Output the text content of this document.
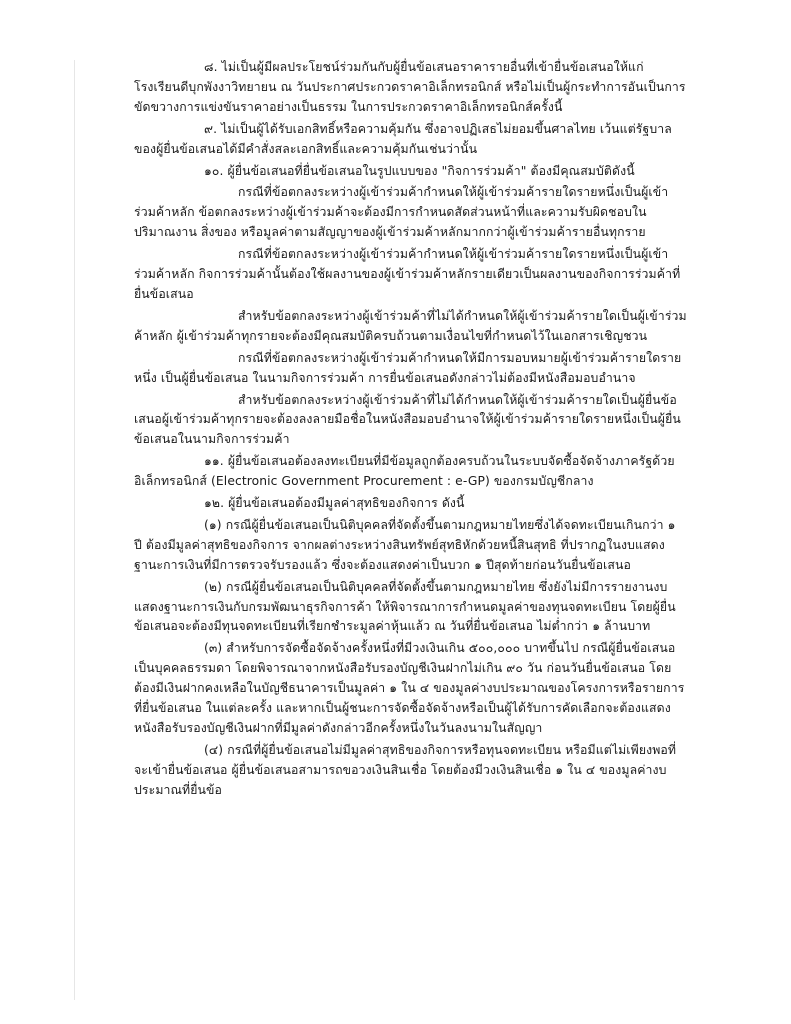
๘. ไม่เป็นผู้มีผลประโยชน์ร่วมกันกับผู้ยื่นข้อเสนอราคารายอื่นที่เข้ายื่นข้อเสนอให้แก่โรงเรียนดีบุกพังงาวิทยายน ณ วันประกาศประกวดราคาอิเล็กทรอนิกส์ หรือไม่เป็นผู้กระทำการอันเป็นการขัดขวางการแข่งขันราคาอย่างเป็นธรรม ในการประกวดราคาอิเล็กทรอนิกส์ครั้งนี้

๙. ไม่เป็นผู้ได้รับเอกสิทธิ์หรือความคุ้มกัน ซึ่งอาจปฏิเสธไม่ยอมขึ้นศาลไทย เว้นแต่รัฐบาลของผู้ยื่นข้อเสนอได้มีคำสั่งสละเอกสิทธิ์และความคุ้มกันเช่นว่านั้น

๑๐. ผู้ยื่นข้อเสนอที่ยื่นข้อเสนอในรูปแบบของ "กิจการร่วมค้า" ต้องมีคุณสมบัติดังนี้

กรณีที่ข้อตกลงระหว่างผู้เข้าร่วมค้ากำหนดให้ผู้เข้าร่วมค้ารายใดรายหนึ่งเป็นผู้เข้าร่วมค้าหลัก ข้อตกลงระหว่างผู้เข้าร่วมค้าจะต้องมีการกำหนดสัดส่วนหน้าที่และความรับผิดชอบในปริมาณงาน สิ่งของ หรือมูลค่าตามสัญญาของผู้เข้าร่วมค้าหลักมากกว่าผู้เข้าร่วมค้ารายอื่นทุกราย

กรณีที่ข้อตกลงระหว่างผู้เข้าร่วมค้ากำหนดให้ผู้เข้าร่วมค้ารายใดรายหนึ่งเป็นผู้เข้าร่วมค้าหลัก กิจการร่วมค้านั้นต้องใช้ผลงานของผู้เข้าร่วมค้าหลักรายเดียวเป็นผลงานของกิจการร่วมค้าที่ยื่นข้อเสนอ

สำหรับข้อตกลงระหว่างผู้เข้าร่วมค้าที่ไม่ได้กำหนดให้ผู้เข้าร่วมค้ารายใดเป็นผู้เข้าร่วมค้าหลัก ผู้เข้าร่วมค้าทุกรายจะต้องมีคุณสมบัติครบถ้วนตามเงื่อนไขที่กำหนดไว้ในเอกสารเชิญชวน

กรณีที่ข้อตกลงระหว่างผู้เข้าร่วมค้ากำหนดให้มีการมอบหมายผู้เข้าร่วมค้ารายใดรายหนึ่ง เป็นผู้ยื่นข้อเสนอ ในนามกิจการร่วมค้า การยื่นข้อเสนอดังกล่าวไม่ต้องมีหนังสือมอบอำนาจ

สำหรับข้อตกลงระหว่างผู้เข้าร่วมค้าที่ไม่ได้กำหนดให้ผู้เข้าร่วมค้ารายใดเป็นผู้ยื่นข้อเสนอผู้เข้าร่วมค้าทุกรายจะต้องลงลายมือชื่อในหนังสือมอบอำนาจให้ผู้เข้าร่วมค้ารายใดรายหนึ่งเป็นผู้ยื่นข้อเสนอในนามกิจการร่วมค้า

๑๑. ผู้ยื่นข้อเสนอต้องลงทะเบียนที่มีข้อมูลถูกต้องครบถ้วนในระบบจัดซื้อจัดจ้างภาครัฐด้วยอิเล็กทรอนิกส์ (Electronic Government Procurement : e-GP) ของกรมบัญชีกลาง

๑๒. ผู้ยื่นข้อเสนอต้องมีมูลค่าสุทธิของกิจการ ดังนี้

(๑) กรณีผู้ยื่นข้อเสนอเป็นนิติบุคคลที่จัดตั้งขึ้นตามกฎหมายไทยซึ่งได้จดทะเบียนเกินกว่า ๑ ปี ต้องมีมูลค่าสุทธิของกิจการ จากผลต่างระหว่างสินทรัพย์สุทธิหักด้วยหนี้สินสุทธิ ที่ปรากฏในงบแสดงฐานะการเงินที่มีการตรวจรับรองแล้ว ซึ่งจะต้องแสดงค่าเป็นบวก ๑ ปีสุดท้ายก่อนวันยื่นข้อเสนอ

(๒) กรณีผู้ยื่นข้อเสนอเป็นนิติบุคคลที่จัดตั้งขึ้นตามกฎหมายไทย ซึ่งยังไม่มีการรายงานงบแสดงฐานะการเงินกับกรมพัฒนาธุรกิจการค้า ให้พิจารณาการกำหนดมูลค่าของทุนจดทะเบียน โดยผู้ยื่นข้อเสนอจะต้องมีทุนจดทะเบียนที่เรียกชำระมูลค่าหุ้นแล้ว ณ วันที่ยื่นข้อเสนอ ไม่ต่ำกว่า ๑ ล้านบาท

(๓) สำหรับการจัดซื้อจัดจ้างครั้งหนึ่งที่มีวงเงินเกิน ๕๐๐,๐๐๐ บาทขึ้นไป กรณีผู้ยื่นข้อเสนอเป็นบุคคลธรรมดา โดยพิจารณาจากหนังสือรับรองบัญชีเงินฝากไม่เกิน ๙๐ วัน ก่อนวันยื่นข้อเสนอ โดยต้องมีเงินฝากคงเหลือในบัญชีธนาคารเป็นมูลค่า ๑ ใน ๔ ของมูลค่างบประมาณของโครงการหรือรายการที่ยื่นข้อเสนอ ในแต่ละครั้ง และหากเป็นผู้ชนะการจัดซื้อจัดจ้างหรือเป็นผู้ได้รับการคัดเลือกจะต้องแสดงหนังสือรับรองบัญชีเงินฝากที่มีมูลค่าดังกล่าวอีกครั้งหนึ่งในวันลงนามในสัญญา

(๔) กรณีที่ผู้ยื่นข้อเสนอไม่มีมูลค่าสุทธิของกิจการหรือทุนจดทะเบียน หรือมีแต่ไม่เพียงพอที่จะเข้ายื่นข้อเสนอ ผู้ยื่นข้อเสนอสามารถขอวงเงินสินเชื่อ โดยต้องมีวงเงินสินเชื่อ ๑ ใน ๔ ของมูลค่างบประมาณที่ยื่นข้อ
